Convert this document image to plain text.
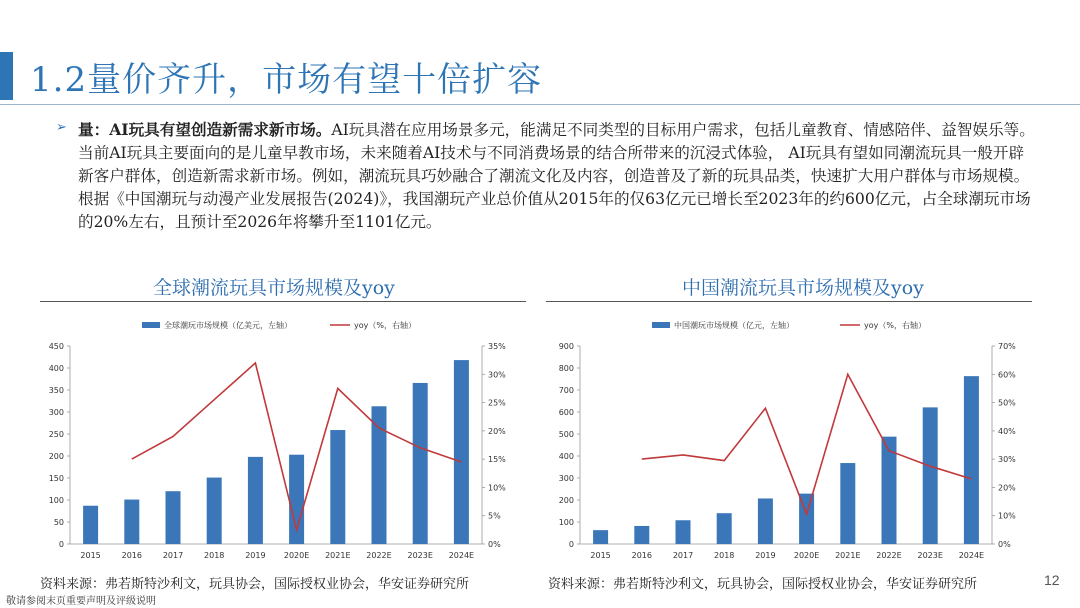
1.2量价齐升，市场有望十倍扩容
➢ 量：AI玩具有望创造新需求新市场。AI玩具潜在应用场景多元，能满足不同类型的目标用户需求，包括儿童教育、情感陪伴、益智娱乐等。当前AI玩具主要面向的是儿童早教市场，未来随着AI技术与不同消费场景的结合所带来的沉浸式体验， AI玩具有望如同潮流玩具一般开辟新客户群体，创造新需求新市场。例如，潮流玩具巧妙融合了潮流文化及内容，创造普及了新的玩具品类，快速扩大用户群体与市场规模。根据《中国潮玩与动漫产业发展报告(2024)》，我国潮玩产业总价值从2015年的仅63亿元已增长至2023年的约600亿元，占全球潮玩市场的20%左右，且预计至2026年将攀升至1101亿元。
全球潮流玩具市场规模及yoy
全球潮玩市场规模（亿美元，左轴）	yoy（%，右轴）
0
50
100
150
200
250
300
350
400
450
0%
5%
10%
15%
20%
25%
30%
35%
2015	2016	2017	2018	2019 2020E 2021E 2022E 2023E 2024E
中国潮流玩具市场规模及yoy
中国潮玩市场规模（亿元，左轴）	yoy（%，右轴）
0
100
200
300
400
500
600
700
800
900
0%
10%
20%
30%
40%
50%
60%
70%
2015	2016	2017	2018	2019 2020E 2021E 2022E 2023E 2024E
资料来源：弗若斯特沙利文，玩具协会，国际授权业协会，华安证券研究所	资料来源：弗若斯特沙利文，玩具协会，国际授权业协会，华安证券研究所	12
敬请参阅末页重要声明及评级说明
